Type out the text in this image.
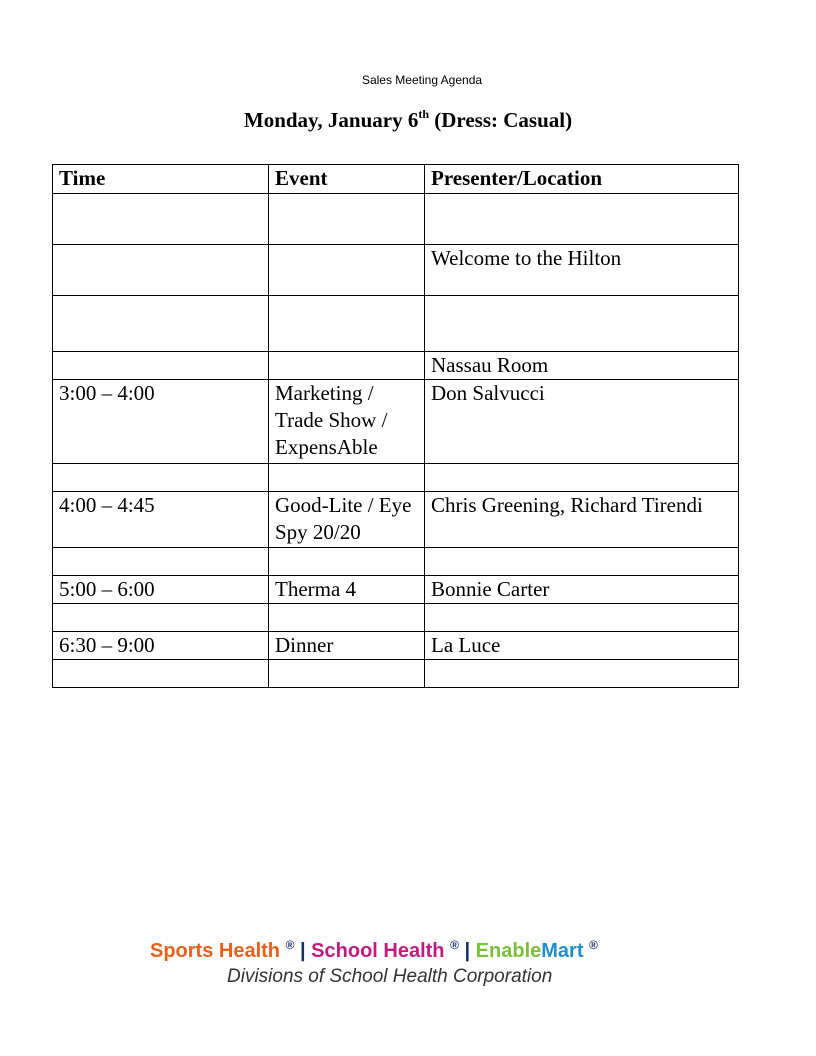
Sales Meeting Agenda
Monday, January 6th (Dress: Casual)
Time	Event	Presenter/Location

		Welcome to the Hilton

		Nassau Room
3:00 – 4:00	Marketing / Trade Show / ExpensAble	Don Salvucci

4:00 – 4:45	Good-Lite / Eye Spy 20/20	Chris Greening, Richard Tirendi

5:00 – 6:00	Therma 4	Bonnie Carter

6:30 – 9:00	Dinner	La Luce

Sports Health ® | School Health ® | EnableMart ®
Divisions of School Health Corporation
